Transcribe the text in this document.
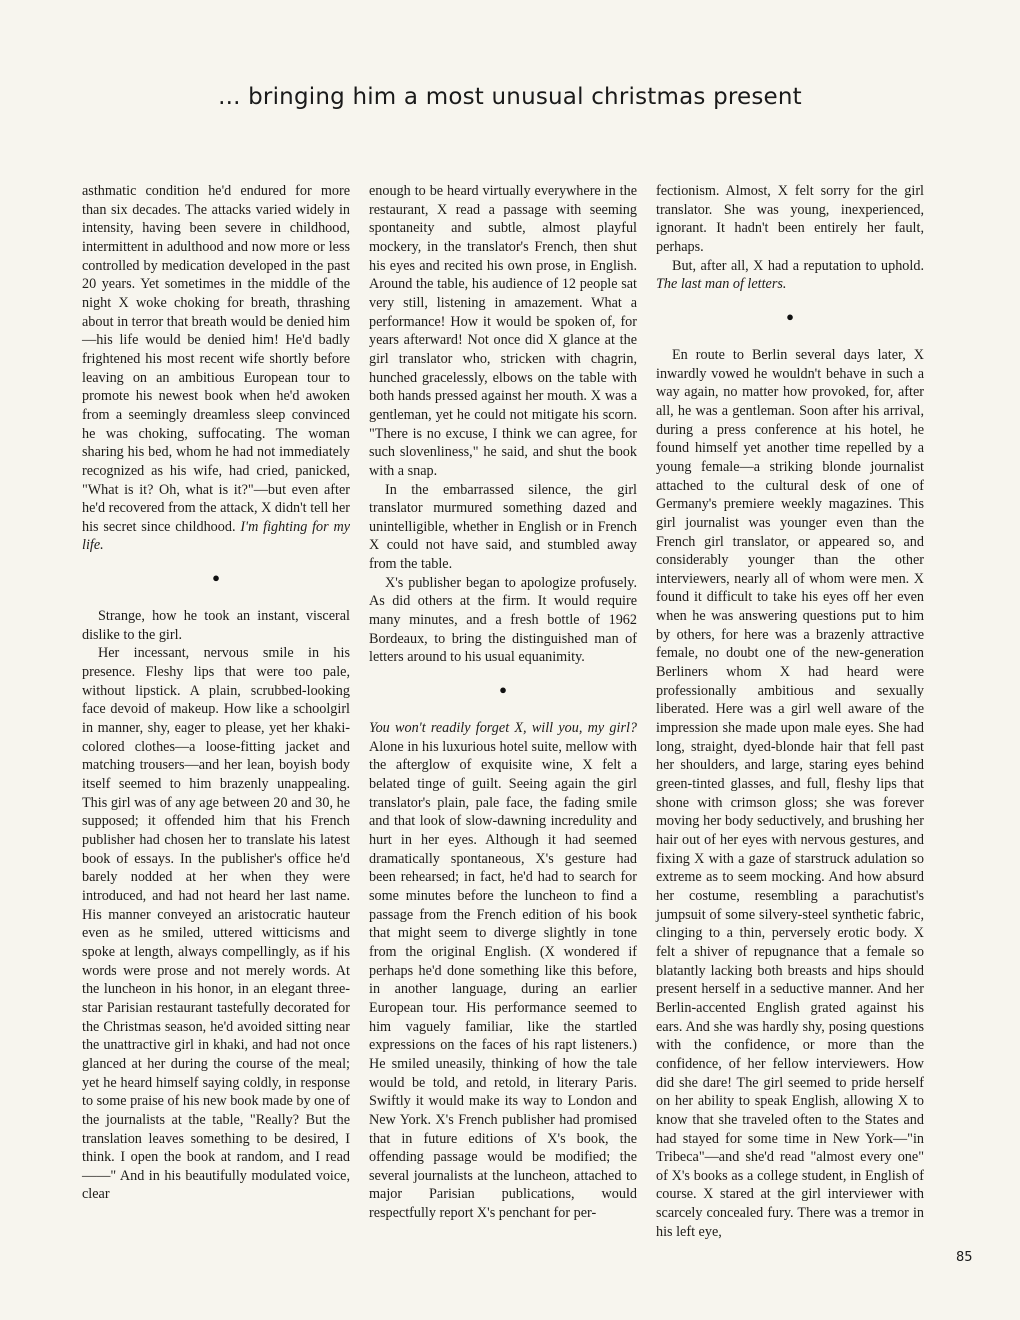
... bringing him a most unusual christmas present

asthmatic condition he'd endured for more than six decades. The attacks varied widely in intensity, having been severe in childhood, intermittent in adulthood and now more or less controlled by medication developed in the past 20 years. Yet sometimes in the middle of the night X woke choking for breath, thrashing about in terror that breath would be denied him—his life would be denied him! He'd badly frightened his most recent wife shortly before leaving on an ambitious European tour to promote his newest book when he'd awoken from a seemingly dreamless sleep convinced he was choking, suffocating. The woman sharing his bed, whom he had not immediately recognized as his wife, had cried, panicked, "What is it? Oh, what is it?"—but even after he'd recovered from the attack, X didn't tell her his secret since childhood. I'm fighting for my life.

●

Strange, how he took an instant, visceral dislike to the girl.

Her incessant, nervous smile in his presence. Fleshy lips that were too pale, without lipstick. A plain, scrubbed-looking face devoid of makeup. How like a schoolgirl in manner, shy, eager to please, yet her khaki-colored clothes—a loose-fitting jacket and matching trousers—and her lean, boyish body itself seemed to him brazenly unappealing. This girl was of any age between 20 and 30, he supposed; it offended him that his French publisher had chosen her to translate his latest book of essays. In the publisher's office he'd barely nodded at her when they were introduced, and had not heard her last name. His manner conveyed an aristocratic hauteur even as he smiled, uttered witticisms and spoke at length, always compellingly, as if his words were prose and not merely words. At the luncheon in his honor, in an elegant three-star Parisian restaurant tastefully decorated for the Christmas season, he'd avoided sitting near the unattractive girl in khaki, and had not once glanced at her during the course of the meal; yet he heard himself saying coldly, in response to some praise of his new book made by one of the journalists at the table, "Really? But the translation leaves something to be desired, I think. I open the book at random, and I read——" And in his beautifully modulated voice, clear

enough to be heard virtually everywhere in the restaurant, X read a passage with seeming spontaneity and subtle, almost playful mockery, in the translator's French, then shut his eyes and recited his own prose, in English. Around the table, his audience of 12 people sat very still, listening in amazement. What a performance! How it would be spoken of, for years afterward! Not once did X glance at the girl translator who, stricken with chagrin, hunched gracelessly, elbows on the table with both hands pressed against her mouth. X was a gentleman, yet he could not mitigate his scorn. "There is no excuse, I think we can agree, for such slovenliness," he said, and shut the book with a snap.

In the embarrassed silence, the girl translator murmured something dazed and unintelligible, whether in English or in French X could not have said, and stumbled away from the table.

X's publisher began to apologize profusely. As did others at the firm. It would require many minutes, and a fresh bottle of 1962 Bordeaux, to bring the distinguished man of letters around to his usual equanimity.

●

You won't readily forget X, will you, my girl? Alone in his luxurious hotel suite, mellow with the afterglow of exquisite wine, X felt a belated tinge of guilt. Seeing again the girl translator's plain, pale face, the fading smile and that look of slow-dawning incredulity and hurt in her eyes. Although it had seemed dramatically spontaneous, X's gesture had been rehearsed; in fact, he'd had to search for some minutes before the luncheon to find a passage from the French edition of his book that might seem to diverge slightly in tone from the original English. (X wondered if perhaps he'd done something like this before, in another language, during an earlier European tour. His performance seemed to him vaguely familiar, like the startled expressions on the faces of his rapt listeners.) He smiled uneasily, thinking of how the tale would be told, and retold, in literary Paris. Swiftly it would make its way to London and New York. X's French publisher had promised that in future editions of X's book, the offending passage would be modified; the several journalists at the luncheon, attached to major Parisian publications, would respectfully report X's penchant for per-

fectionism. Almost, X felt sorry for the girl translator. She was young, inexperienced, ignorant. It hadn't been entirely her fault, perhaps.

But, after all, X had a reputation to uphold. The last man of letters.

●

En route to Berlin several days later, X inwardly vowed he wouldn't behave in such a way again, no matter how provoked, for, after all, he was a gentleman. Soon after his arrival, during a press conference at his hotel, he found himself yet another time repelled by a young female—a striking blonde journalist attached to the cultural desk of one of Germany's premiere weekly magazines. This girl journalist was younger even than the French girl translator, or appeared so, and considerably younger than the other interviewers, nearly all of whom were men. X found it difficult to take his eyes off her even when he was answering questions put to him by others, for here was a brazenly attractive female, no doubt one of the new-generation Berliners whom X had heard were professionally ambitious and sexually liberated. Here was a girl well aware of the impression she made upon male eyes. She had long, straight, dyed-blonde hair that fell past her shoulders, and large, staring eyes behind green-tinted glasses, and full, fleshy lips that shone with crimson gloss; she was forever moving her body seductively, and brushing her hair out of her eyes with nervous gestures, and fixing X with a gaze of starstruck adulation so extreme as to seem mocking. And how absurd her costume, resembling a parachutist's jumpsuit of some silvery-steel synthetic fabric, clinging to a thin, perversely erotic body. X felt a shiver of repugnance that a female so blatantly lacking both breasts and hips should present herself in a seductive manner. And her Berlin-accented English grated against his ears. And she was hardly shy, posing questions with the confidence, or more than the confidence, of her fellow interviewers. How did she dare! The girl seemed to pride herself on her ability to speak English, allowing X to know that she traveled often to the States and had stayed for some time in New York—"in Tribeca"—and she'd read "almost every one" of X's books as a college student, in English of course. X stared at the girl interviewer with scarcely concealed fury. There was a tremor in his left eye,

85
